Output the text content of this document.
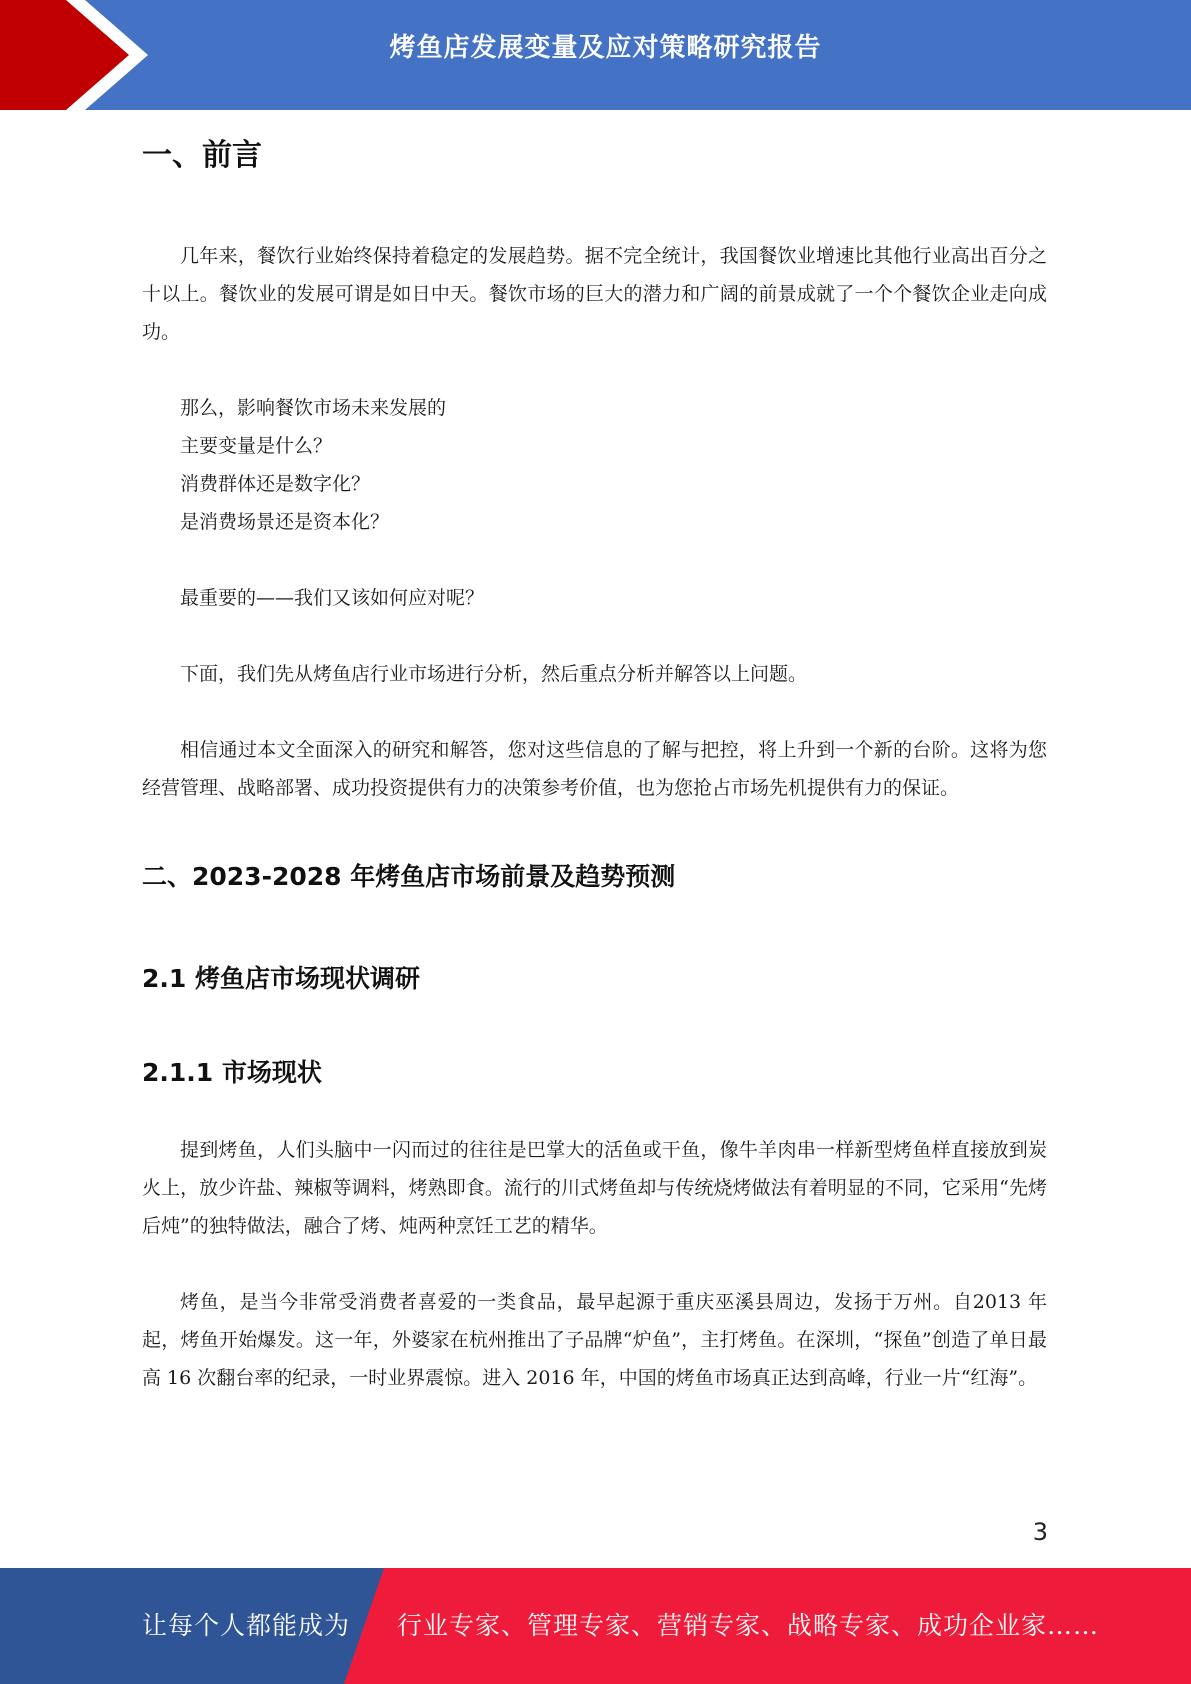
烤鱼店发展变量及应对策略研究报告
一、前言

几年来，餐饮行业始终保持着稳定的发展趋势。据不完全统计，我国餐饮业增速比其他行业高出百分之十以上。餐饮业的发展可谓是如日中天。餐饮市场的巨大的潜力和广阔的前景成就了一个个餐饮企业走向成功。

那么，影响餐饮市场未来发展的

主要变量是什么？

消费群体还是数字化？

是消费场景还是资本化？

最重要的——我们又该如何应对呢？

下面，我们先从烤鱼店行业市场进行分析，然后重点分析并解答以上问题。

相信通过本文全面深入的研究和解答，您对这些信息的了解与把控，将上升到一个新的台阶。这将为您经营管理、战略部署、成功投资提供有力的决策参考价值，也为您抢占市场先机提供有力的保证。

二、2023-2028 年烤鱼店市场前景及趋势预测
2.1 烤鱼店市场现状调研
2.1.1 市场现状

提到烤鱼，人们头脑中一闪而过的往往是巴掌大的活鱼或干鱼，像牛羊肉串一样新型烤鱼样直接放到炭火上，放少许盐、辣椒等调料，烤熟即食。流行的川式烤鱼却与传统烧烤做法有着明显的不同，它采用“先烤后炖”的独特做法，融合了烤、炖两种烹饪工艺的精华。

烤鱼，是当今非常受消费者喜爱的一类食品，最早起源于重庆巫溪县周边，发扬于万州。自2013 年起，烤鱼开始爆发。这一年，外婆家在杭州推出了子品牌“炉鱼”，主打烤鱼。在深圳，“探鱼”创造了单日最高 16 次翻台率的纪录，一时业界震惊。进入 2016 年，中国的烤鱼市场真正达到高峰，行业一片“红海”。

3
让每个人都能成为 行业专家、管理专家、营销专家、战略专家、成功企业家……
